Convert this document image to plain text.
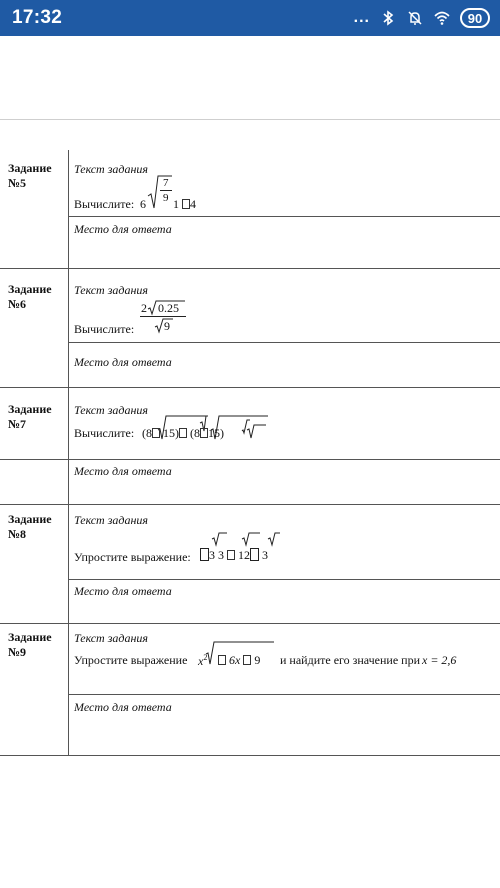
17:32	...	90
Задание
№5
Текст задания
Вычислите: 6
7
9 1 4
Место для ответа
Задание
№6
Текст задания
Вычислите:
2 0.25
9
Место для ответа
Задание
№7
Текст задания
Вычислите: (8 15) (8 15)
Место для ответа
Задание
№8
Текст задания
Упростите выражение:	3 3 12 3
Место для ответа
Задание
№9
Текст задания
Упростите выражение $x^2$	6x 9 и найдите его значение при x = 2,6
Место для ответа
